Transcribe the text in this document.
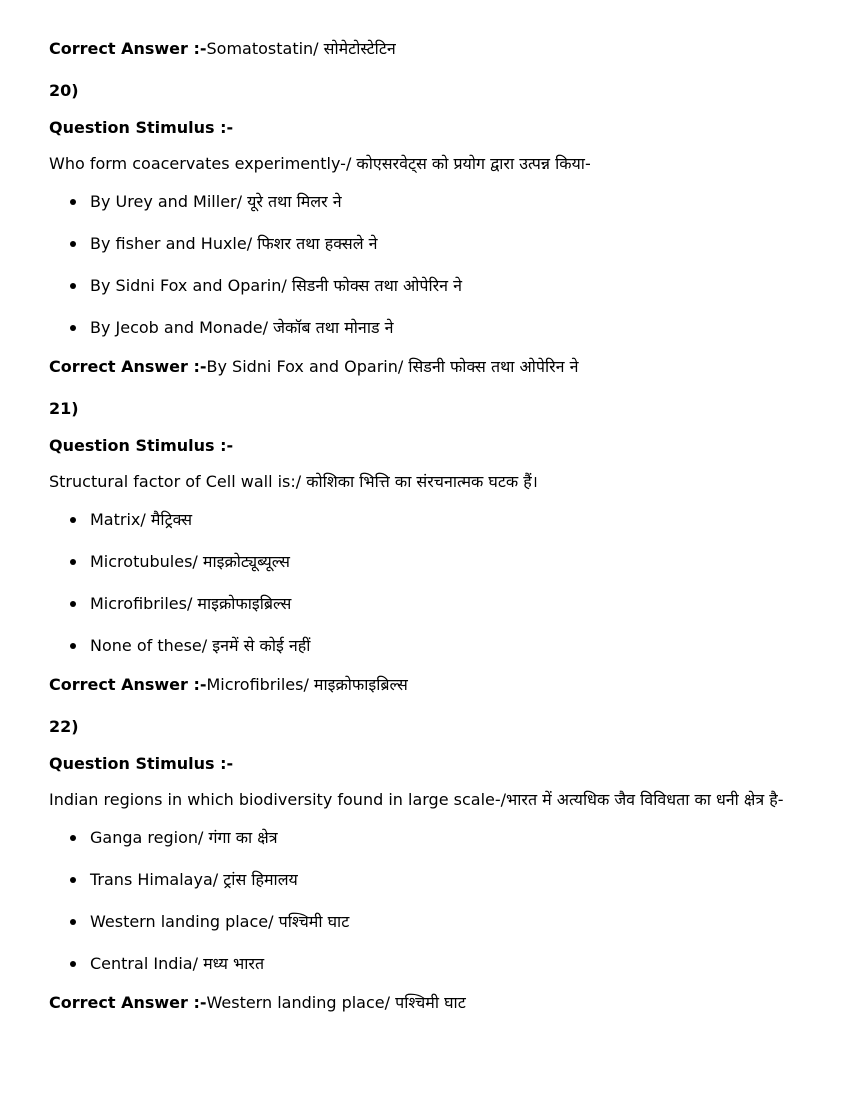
Correct Answer :-Somatostatin/ सोमेटोस्टेटिन
20)
Question Stimulus :-
Who form coacervates experimently-/ कोएसरवेट्स को प्रयोग द्वारा उत्पन्न किया-
By Urey and Miller/ यूरे तथा मिलर ने
By fisher and Huxle/ फिशर तथा हक्सले ने
By Sidni Fox and Oparin/ सिडनी फोक्स तथा ओपेरिन ने
By Jecob and Monade/ जेकॉब तथा मोनाड ने
Correct Answer :-By Sidni Fox and Oparin/ सिडनी फोक्स तथा ओपेरिन ने
21)
Question Stimulus :-
Structural factor of Cell wall is:/ कोशिका भित्ति का संरचनात्मक घटक हैं।
Matrix/ मैट्रिक्स
Microtubules/ माइक्रोट्यूब्यूल्स
Microfibriles/ माइक्रोफाइब्रिल्स
None of these/ इनमें से कोई नहीं
Correct Answer :-Microfibriles/ माइक्रोफाइब्रिल्स
22)
Question Stimulus :-
Indian regions in which biodiversity found in large scale-/भारत में अत्यधिक जैव विविधता का धनी क्षेत्र है-
Ganga region/ गंगा का क्षेत्र
Trans Himalaya/ ट्रांस हिमालय
Western landing place/ पश्चिमी घाट
Central India/ मध्य भारत
Correct Answer :-Western landing place/ पश्चिमी घाट
